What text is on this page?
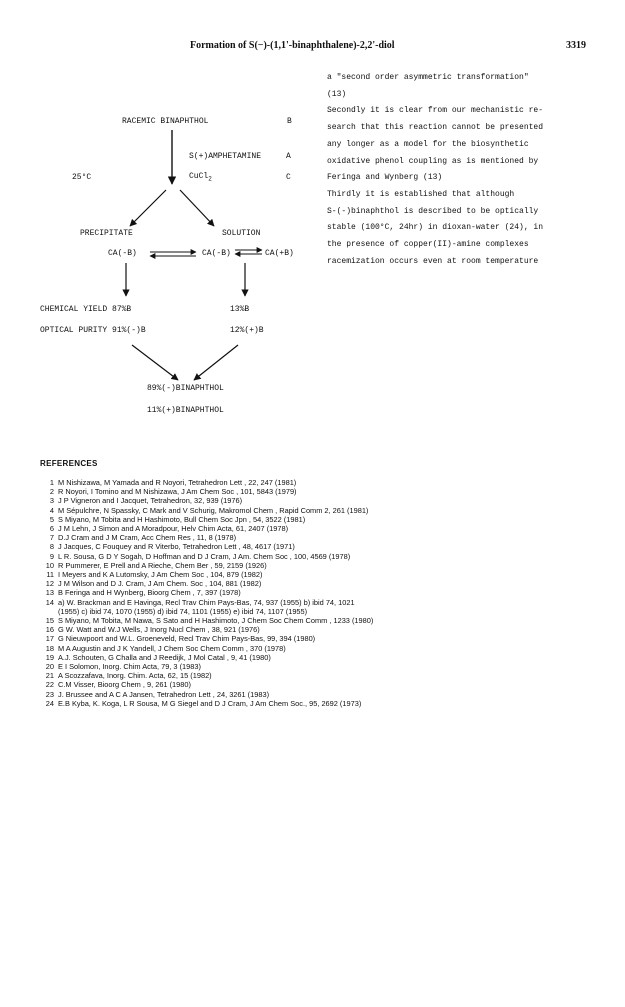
Formation of S(−)-(1,1'-binaphthalene)-2,2'-diol	3319
RACEMIC BINAPHTHOL	B
S(+)AMPHETAMINE	A
25°C	CuCl$_2$	C
PRECIPITATE	SOLUTION
CA(-B)	CA(-B)	CA(+B)
CHEMICAL YIELD 87%B
OPTICAL PURITY 91%(-)B
13%B
12%(+)B
89%(-)BINAPHTHOL
11%(+)BINAPHTHOL
a "second order asymmetric transformation"
(13)
Secondly it is clear from our mechanistic re-
search that this reaction cannot be presented
any longer as a model for the biosynthetic
oxidative phenol coupling as is mentioned by
Feringa and Wynberg (13)
Thirdly it is established that although
S-(-)binaphthol is described to be optically
stable (100°C, 24hr) in dioxan-water (24), in
the presence of copper(II)-amine complexes
racemization occurs even at room temperature
REFERENCES
1 M Nishizawa, M Yamada and R Noyori, Tetrahedron Lett , 22, 247 (1981)
2 R Noyori, I Tomino and M Nishizawa, J Am Chem Soc , 101, 5843 (1979)
3 J P Vigneron and I Jacquet, Tetrahedron, 32, 939 (1976)
4 M Sépulchre, N Spassky, C Mark and V Schurig, Makromol Chem , Rapid Comm 2, 261 (1981)
5 S Miyano, M Tobita and H Hashimoto, Bull Chem Soc Jpn , 54, 3522 (1981)
6 J M Lehn, J Simon and A Moradpour, Helv Chim Acta, 61, 2407 (1978)
7 D.J Cram and J M Cram, Acc Chem Res , 11, 8 (1978)
8 J Jacques, C Fouquey and R Viterbo, Tetrahedron Lett , 48, 4617 (1971)
9 L R. Sousa, G D Y Sogah, D Hoffman and D J Cram, J Am. Chem Soc , 100, 4569 (1978)
10 R Pummerer, E Prell and A Rieche, Chem Ber , 59, 2159 (1926)
11 I Meyers and K A Lutomsky, J Am Chem Soc , 104, 879 (1982)
12 J M Wilson and D J. Cram, J Am Chem. Soc , 104, 881 (1982)
13 B Feringa and H Wynberg, Bioorg Chem , 7, 397 (1978)
14 a) W. Brackman and E Havinga, Recl Trav Chim Pays-Bas, 74, 937 (1955) b) ibid 74, 1021
(1955) c) ibid 74, 1070 (1955) d) ibid 74, 1101 (1955) e) ibid 74, 1107 (1955)
15 S Miyano, M Tobita, M Nawa, S Sato and H Hashimoto, J Chem Soc Chem Comm , 1233 (1980)
16 G W. Watt and W.J Wells, J Inorg Nucl Chem , 38, 921 (1976)
17 G Nieuwpoort and W.L. Groeneveld, Recl Trav Chim Pays-Bas, 99, 394 (1980)
18 M A Augustin and J K Yandell, J Chem Soc Chem Comm , 370 (1978)
19 A.J. Schouten, G Challa and J Reedijk, J Mol Catal , 9, 41 (1980)
20 E I Solomon, Inorg. Chim Acta, 79, 3 (1983)
21 A Scozzafava, Inorg. Chim. Acta, 62, 15 (1982)
22 C.M Visser, Bioorg Chem , 9, 261 (1980)
23 J. Brussee and A C A Jansen, Tetrahedron Lett , 24, 3261 (1983)
24 E.B Kyba, K. Koga, L R Sousa, M G Siegel and D J Cram, J Am Chem Soc., 95, 2692 (1973)
